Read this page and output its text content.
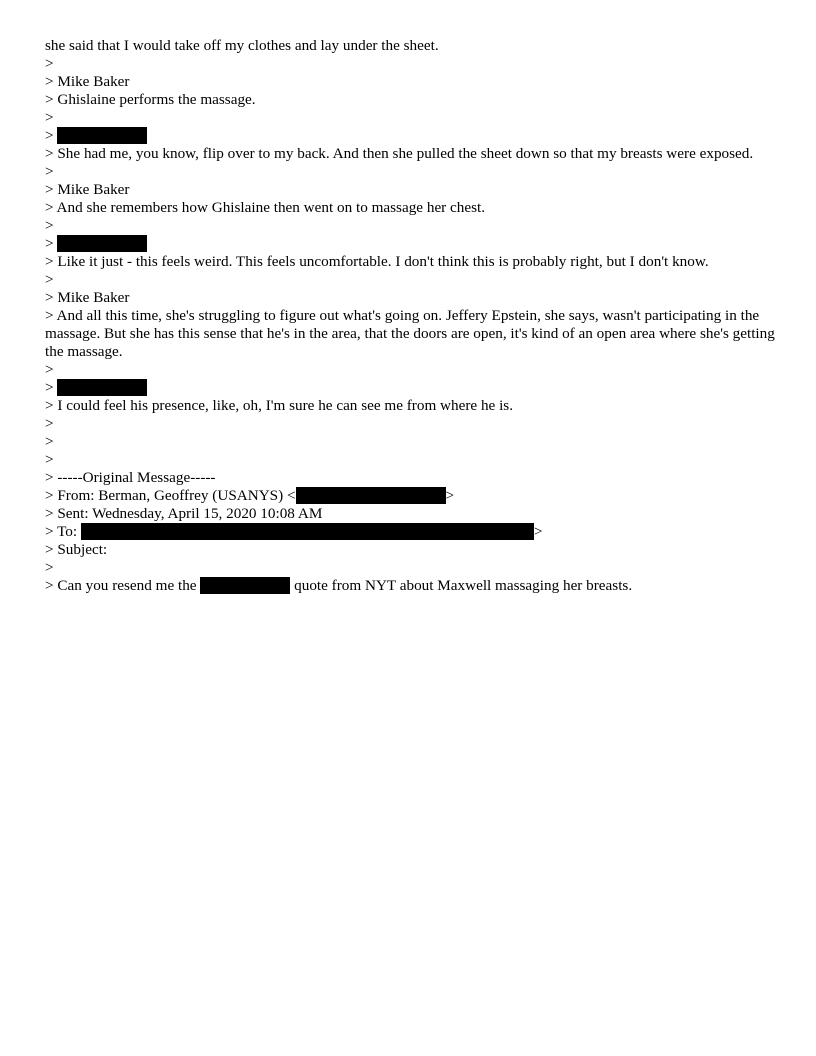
she said that I would take off my clothes and lay under the sheet.
>
> Mike Baker
> Ghislaine performs the massage.
>
>
> She had me, you know, flip over to my back. And then she pulled the sheet down so that my breasts were exposed.
>
> Mike Baker
> And she remembers how Ghislaine then went on to massage her chest.
>
>
> Like it just - this feels weird. This feels uncomfortable. I don't think this is probably right, but I don't know.
>
> Mike Baker
> And all this time, she's struggling to figure out what's going on. Jeffery Epstein, she says, wasn't participating in the massage. But she has this sense that he's in the area, that the doors are open, it's kind of an open area where she's getting the massage.
>
>
> I could feel his presence, like, oh, I'm sure he can see me from where he is.
>
>
>
> -----Original Message-----
> From: Berman, Geoffrey (USANYS) <	>
> Sent: Wednesday, April 15, 2020 10:08 AM
> To:	>
> Subject:
>
> Can you resend me the	quote from NYT about Maxwell massaging her breasts.
